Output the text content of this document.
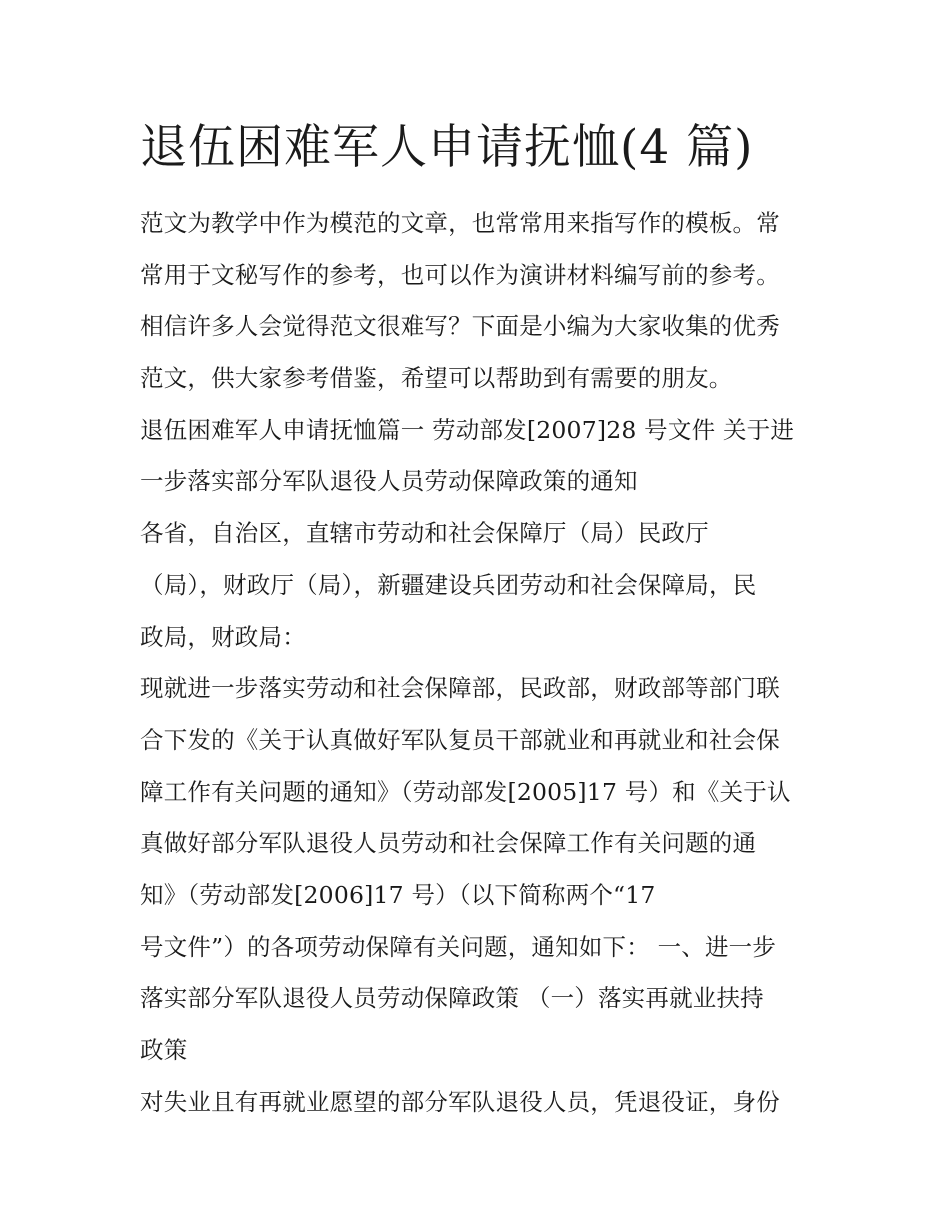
退伍困难军人申请抚恤(4 篇)
范文为教学中作为模范的文章，也常常用来指写作的模板。常
常用于文秘写作的参考，也可以作为演讲材料编写前的参考。
相信许多人会觉得范文很难写？下面是小编为大家收集的优秀
范文，供大家参考借鉴，希望可以帮助到有需要的朋友。
退伍困难军人申请抚恤篇一 劳动部发[2007]28 号文件 关于进
一步落实部分军队退役人员劳动保障政策的通知
各省，自治区，直辖市劳动和社会保障厅（局）民政厅
（局），财政厅（局），新疆建设兵团劳动和社会保障局，民
政局，财政局：
现就进一步落实劳动和社会保障部，民政部，财政部等部门联
合下发的《关于认真做好军队复员干部就业和再就业和社会保
障工作有关问题的通知》（劳动部发[2005]17 号）和《关于认
真做好部分军队退役人员劳动和社会保障工作有关问题的通
知》（劳动部发[2006]17 号）（以下简称两个“17
号文件”）的各项劳动保障有关问题，通知如下： 一、进一步
落实部分军队退役人员劳动保障政策 （一）落实再就业扶持
政策
对失业且有再就业愿望的部分军队退役人员，凭退役证，身份
